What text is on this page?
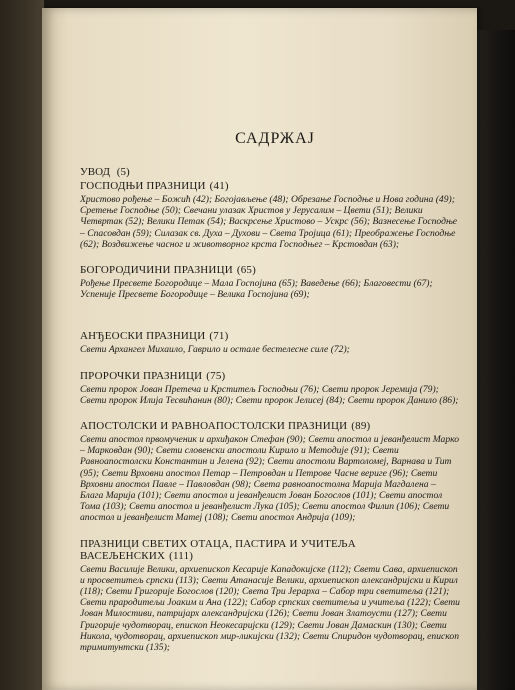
САДРЖАЈ
УВОД (5)
ГОСПОДЊИ ПРАЗНИЦИ (41)
Христово рођење – Божић (42); Богојављење (48); Обрезање Господње и Нова година (49); Сретење Господње (50); Свечани улазак Христов у Јерусалим – Цвети (51); Велики Четвртак (52); Велики Петак (54); Васкрсење Христово – Ускрс (56); Вазнесење Господње – Спасовдан (59); Силазак св. Духа – Духови – Света Тројица (61); Преображење Господње (62); Воздвижење часног и животворног крста Господњег – Крстовдан (63);
БОГОРОДИЧИНИ ПРАЗНИЦИ (65)
Рођење Пресвете Богородице – Мала Госпојина (65); Ваведење (66); Благовести (67); Успеније Пресвете Богородице – Велика Госпојина (69);
АНЂЕОСКИ ПРАЗНИЦИ (71)
Свети Архангел Михаило, Гаврило и остале бестелесне силе (72);
ПРОРОЧКИ ПРАЗНИЦИ (75)
Свети пророк Јован Претеча и Крститељ Господњи (76); Свети пророк Јеремија (79); Свети пророк Илија Тесвићанин (80); Свети пророк Јелисеј (84); Свети пророк Данило (86);
АПОСТОЛСКИ И РАВНОАПОСТОЛСКИ ПРАЗНИЦИ (89)
Свети апостол првомученик и архиђакон Стефан (90); Свети апостол и јеванђелист Марко – Марковдан (90); Свети словенски апостоли Кирило и Методије (91); Свети Равноапостолски Константин и Јелена (92); Свети апостоли Вартоломеј, Варнава и Тит (95); Свети Врховни апостол Петар – Петровдан и Петрове Часне вериге (96); Свети Врховни апостол Павле – Павловдан (98); Света равноапостолна Марија Магдалена – Блага Марија (101); Свети апостол и јеванђелист Јован Богослов (101); Свети апостол Тома (103); Свети апостол и јеванђелист Лука (105); Свети апостол Филип (106); Свети апостол и јеванђелист Матеј (108); Свети апостол Андрија (109);
ПРАЗНИЦИ СВЕТИХ ОТАЦА, ПАСТИРА И УЧИТЕЉА ВАСЕЉЕНСКИХ (111)
Свети Василије Велики, архиепископ Кесарије Кападокијске (112); Свети Сава, архиепископ и просветитељ српски (113); Свети Атанасије Велики, архиепископ александријски и Кирил (118); Свети Григорије Богослов (120); Света Три Јерарха – Сабор три светитеља (121); Свети прародитељи Јоаким и Ана (122); Сабор српских светитеља и учитеља (122); Свети Јован Милостиви, патријарх александријски (126); Свети Јован Златоусти (127); Свети Григорије чудотворац, епископ Неокесаријски (129); Свети Јован Дамаскин (130); Свети Никола, чудотворац, архиепископ мир-ликијски (132); Свети Спиридон чудотворац, епископ тримитунтски (135);
